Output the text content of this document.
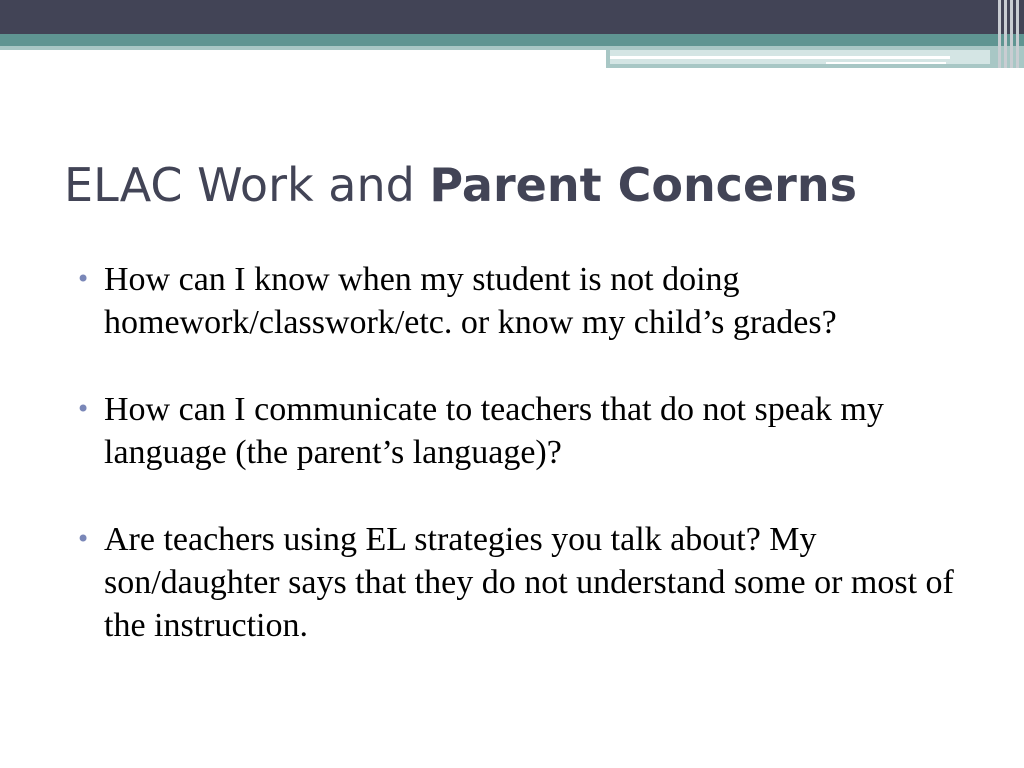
ELAC Work and Parent Concerns
• How can I know when my student is not doing homework/classwork/etc. or know my child’s grades?
• How can I communicate to teachers that do not speak my language (the parent’s language)?
• Are teachers using EL strategies you talk about? My son/daughter says that they do not understand some or most of the instruction.
